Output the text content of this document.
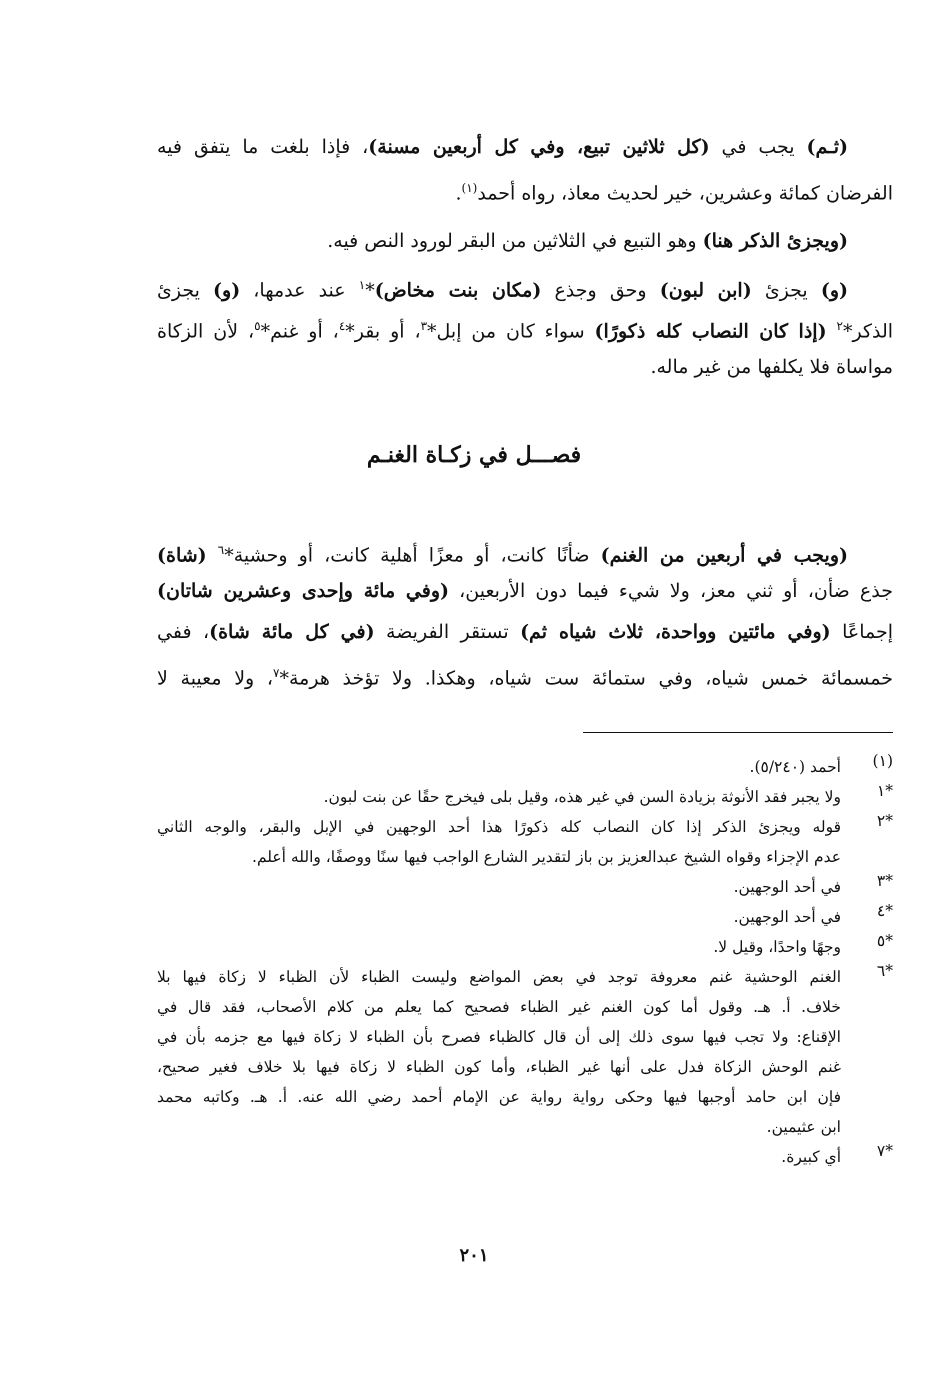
(ثـم) يجب في (كل ثلاثين تبيع، وفي كل أربعين مسنة)، فإذا بلغت ما يتفق فيه
الفرضان كمائة وعشرين، خير لحديث معاذ، رواه أحمد$^{(١)}$.
(ويجزئ الذكر هنا) وهو التبيع في الثلاثين من البقر لورود النص فيه.
(و) يجزئ (ابن لبون) وحق وجذع (مكان بنت مخاض)*$^١$ عند عدمها، (و) يجزئ
الذكر*$^٢$ (إذا كان النصاب كله ذكورًا) سواء كان من إبل*$^٣$، أو بقر*$^٤$، أو غنم*$^٥$، لأن الزكاة
مواساة فلا يكلفها من غير ماله.
فصـــل في زكـاة الغنـم
(ويجب في أربعين من الغنم) ضأنًا كانت، أو معزًا أهلية كانت، أو وحشية*$^٦$ (شاة)
جذع ضأن، أو ثني معز، ولا شيء فيما دون الأربعين، (وفي مائة وإحدى وعشرين شاتان)
إجماعًا (وفي مائتين وواحدة، ثلاث شياه ثم) تستقر الفريضة (في كل مائة شاة)، ففي
خمسمائة خمس شياه، وفي ستمائة ست شياه، وهكذا. ولا تؤخذ هرمة*$^٧$، ولا معيبة لا
(١)
أحمد (٥/٢٤٠).
*١
ولا يجبر فقد الأنوثة بزيادة السن في غير هذه، وقيل بلى فيخرج حقًا عن بنت لبون.
*٢
قوله ويجزئ الذكر إذا كان النصاب كله ذكورًا هذا أحد الوجهين في الإبل والبقر، والوجه الثاني
عدم الإجزاء وقواه الشيخ عبدالعزيز بن باز لتقدير الشارع الواجب فيها سنًا ووصفًا، والله أعلم.
*٣
في أحد الوجهين.
*٤
في أحد الوجهين.
*٥
وجهًا واحدًا، وقيل لا.
*٦
الغنم الوحشية غنم معروفة توجد في بعض المواضع وليست الظباء لأن الظباء لا زكاة فيها بلا
خلاف. أ. هـ. وقول أما كون الغنم غير الظباء فصحيح كما يعلم من كلام الأصحاب، فقد قال في
الإقناع: ولا تجب فيها سوى ذلك إلى أن قال كالظباء فصرح بأن الظباء لا زكاة فيها مع جزمه بأن في
غنم الوحش الزكاة فدل على أنها غير الظباء، وأما كون الظباء لا زكاة فيها بلا خلاف فغير صحيح،
فإن ابن حامد أوجبها فيها وحكى رواية رواية عن الإمام أحمد رضي الله عنه. أ. هـ. وكاتبه محمد
ابن عثيمين.
*٧
أي كبيرة.
٢٠١
